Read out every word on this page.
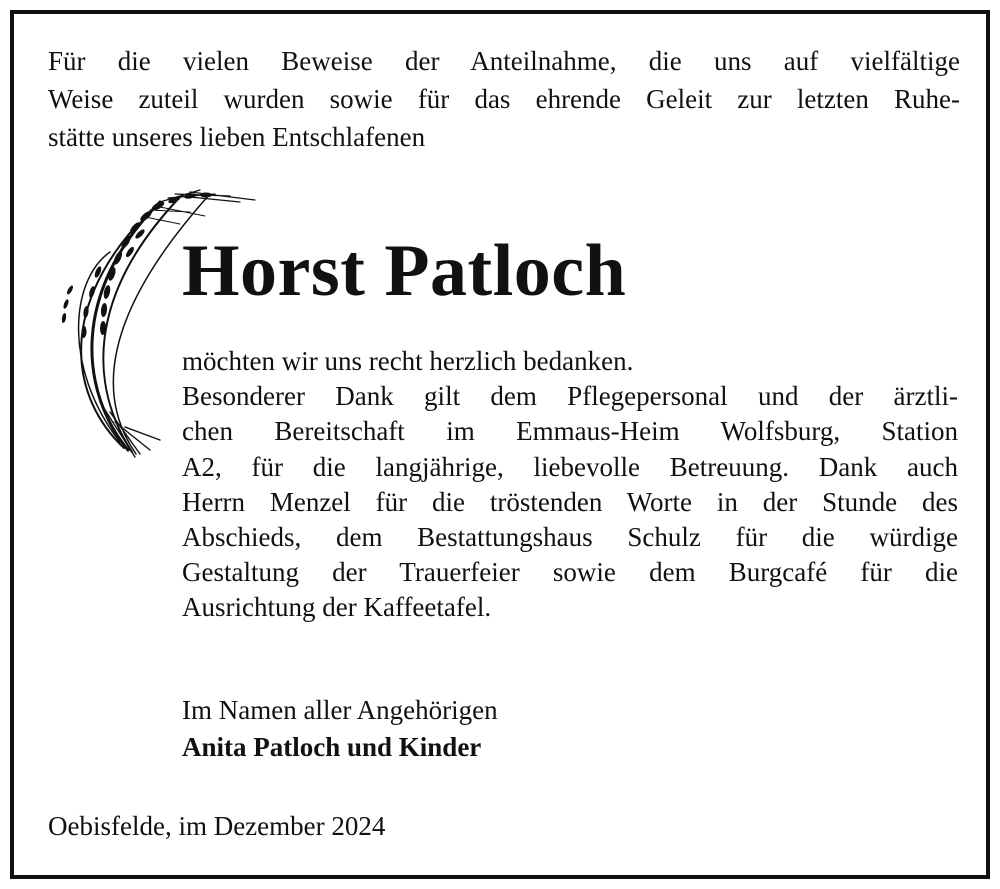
Für die vielen Beweise der Anteilnahme, die uns auf vielfältige
Weise zuteil wurden sowie für das ehrende Geleit zur letzten Ruhe-
stätte unseres lieben Entschlafenen
Horst Patloch
möchten wir uns recht herzlich bedanken.
Besonderer Dank gilt dem Pflegepersonal und der ärztli-
chen Bereitschaft im Emmaus-Heim Wolfsburg, Station
A2, für die langjährige, liebevolle Betreuung. Dank auch
Herrn Menzel für die tröstenden Worte in der Stunde des
Abschieds, dem Bestattungshaus Schulz für die würdige
Gestaltung der Trauerfeier sowie dem Burgcafé für die
Ausrichtung der Kaffeetafel.
Im Namen aller Angehörigen
Anita Patloch und Kinder
Oebisfelde, im Dezember 2024
